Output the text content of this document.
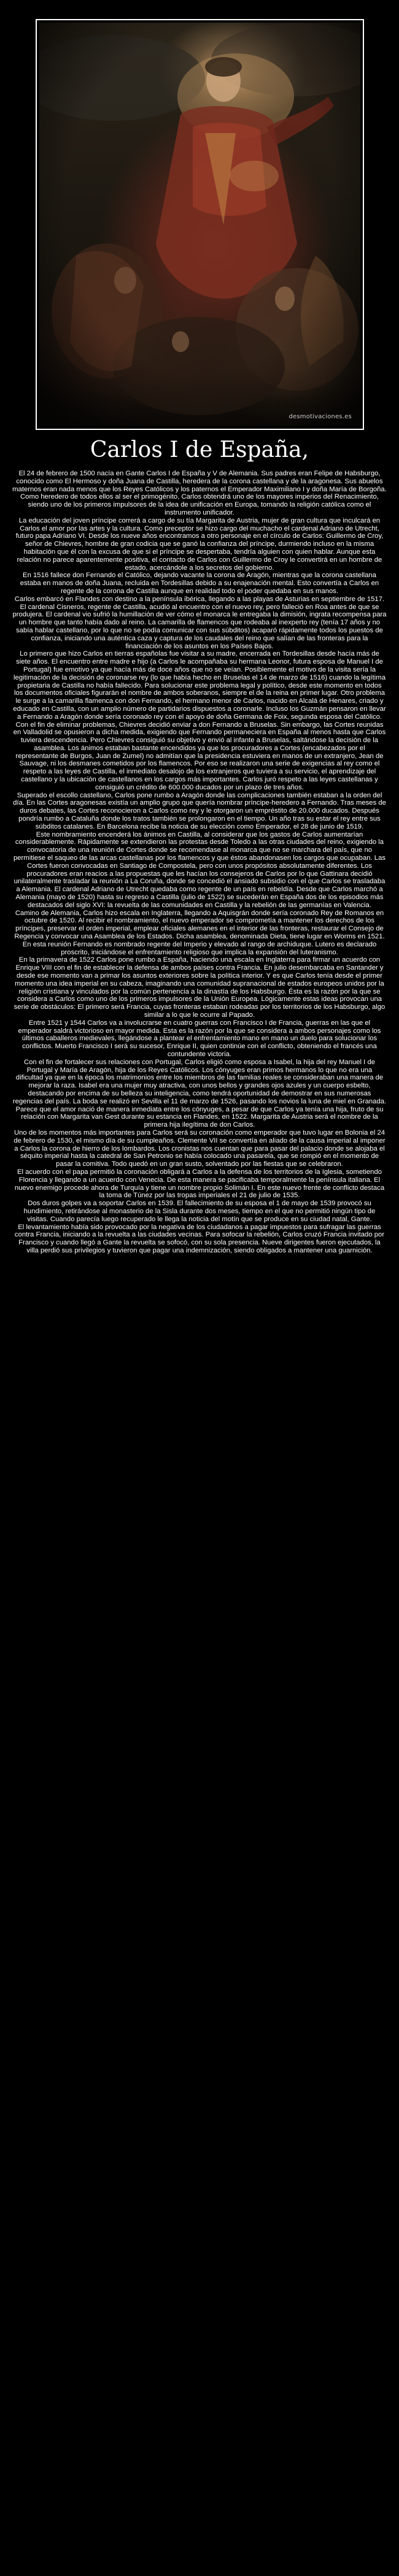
desmotivaciones.es
Carlos I de España,

El 24 de febrero de 1500 nacía en Gante Carlos I de España y V de Alemania. Sus padres eran Felipe de Habsburgo, conocido como El Hermoso y doña Juana de Castilla, heredera de la corona castellana y de la aragonesa. Sus abuelos maternos eran nada menos que los Reyes Católicos y los paternos el Emperador Maximiliano I y doña María de Borgoña. Como heredero de todos ellos al ser el primogénito, Carlos obtendrá uno de los mayores imperios del Renacimiento, siendo uno de los primeros impulsores de la idea de unificación en Europa, tomando la religión católica como el instrumento unificador.

La educación del joven príncipe correrá a cargo de su tía Margarita de Austria, mujer de gran cultura que inculcará en Carlos el amor por las artes y la cultura. Como preceptor se hizo cargo del muchacho el cardenal Adriano de Utrecht, futuro papa Adriano VI. Desde los nueve años encontramos a otro personaje en el círculo de Carlos: Guillermo de Croy, señor de Chievres, hombre de gran codicia que se ganó la confianza del príncipe, durmiendo incluso en la misma habitación que él con la excusa de que si el príncipe se despertaba, tendría alguien con quien hablar. Aunque esta relación no parece aparentemente positiva, el contacto de Carlos con Guillermo de Croy le convertirá en un hombre de estado, acercándole a los secretos del gobierno.

En 1516 fallece don Fernando el Católico, dejando vacante la corona de Aragón, mientras que la corona castellana estaba en manos de doña Juana, recluida en Tordesillas debido a su enajenación mental. Esto convertía a Carlos en regente de la corona de Castilla aunque en realidad todo el poder quedaba en sus manos.

Carlos embarcó en Flandes con destino a la península ibérica, llegando a las playas de Asturias en septiembre de 1517. El cardenal Cisneros, regente de Castilla, acudió al encuentro con el nuevo rey, pero falleció en Roa antes de que se produjera. El cardenal vio sufrió la humillación de ver cómo el monarca le entregaba la dimisión, ingrata recompensa para un hombre que tanto había dado al reino. La camarilla de flamencos que rodeaba al inexperto rey (tenía 17 años y no sabía hablar castellano, por lo que no se podía comunicar con sus súbditos) acaparó rápidamente todos los puestos de confianza, iniciando una auténtica caza y captura de los caudales del reino que salían de las fronteras para la financiación de los asuntos en los Países Bajos.

Lo primero que hizo Carlos en tierras españolas fue visitar a su madre, encerrada en Tordesillas desde hacía más de siete años. El encuentro entre madre e hijo (a Carlos le acompañaba su hermana Leonor, futura esposa de Manuel I de Portugal) fue emotivo ya que hacía más de doce años que no se veían. Posiblemente el motivo de la visita sería la legitimación de la decisión de coronarse rey (lo que había hecho en Bruselas el 14 de marzo de 1516) cuando la legítima propietaria de Castilla no había fallecido. Para solucionar este problema legal y político, desde este momento en todos los documentos oficiales figurarán el nombre de ambos soberanos, siempre el de la reina en primer lugar. Otro problema le surge a la camarilla flamenca con don Fernando, el hermano menor de Carlos, nacido en Alcalá de Henares, criado y educado en Castilla, con un amplio número de partidarios dispuestos a coronarle. Incluso los Guzmán pensaron en llevar a Fernando a Aragón donde sería coronado rey con el apoyo de doña Germana de Foix, segunda esposa del Católico. Con el fin de eliminar problemas, Chievres decidió enviar a don Fernando a Bruselas. Sin embargo, las Cortes reunidas en Valladolid se opusieron a dicha medida, exigiendo que Fernando permaneciera en España al menos hasta que Carlos tuviera descendencia. Pero Chievres consiguió su objetivo y envió al infante a Bruselas, saltándose la decisión de la asamblea. Los ánimos estaban bastante encendidos ya que los procuradores a Cortes (encabezados por el representante de Burgos, Juan de Zumel) no admitían que la presidencia estuviera en manos de un extranjero, Jean de Sauvage, ni los desmanes cometidos por los flamencos. Por eso se realizaron una serie de exigencias al rey como el respeto a las leyes de Castilla, el inmediato desalojo de los extranjeros que tuviera a su servicio, el aprendizaje del castellano y la ubicación de castellanos en los cargos más importantes. Carlos juró respeto a las leyes castellanas y consiguió un crédito de 600.000 ducados por un plazo de tres años.

Superado el escollo castellano, Carlos pone rumbo a Aragón donde las complicaciones también estaban a la orden del día. En las Cortes aragonesas existía un amplio grupo que quería nombrar príncipe-heredero a Fernando. Tras meses de duros debates, las Cortes reconocieron a Carlos como rey y le otorgaron un empréstito de 20.000 ducados. Después pondría rumbo a Cataluña donde los tratos también se prolongaron en el tiempo. Un año tras su estar el rey entre sus súbditos catalanes. En Barcelona recibe la noticia de su elección como Emperador, el 28 de junio de 1519.

Este nombramiento encenderá los ánimos en Castilla, al considerar que los gastos de Carlos aumentarían considerablemente. Rápidamente se extendieron las protestas desde Toledo a las otras ciudades del reino, exigiendo la convocatoria de una reunión de Cortes donde se recomendase al monarca que no se marchara del país, que no permitiese el saqueo de las arcas castellanas por los flamencos y que éstos abandonasen los cargos que ocupaban. Las Cortes fueron convocadas en Santiago de Compostela, pero con unos propósitos absolutamente diferentes. Los procuradores eran reacios a las propuestas que les hacían los consejeros de Carlos por lo que Gattinara decidió unilateralmente trasladar la reunión a La Coruña, donde se concedió el ansiado subsidio con el que Carlos se trasladaba a Alemania. El cardenal Adriano de Utrecht quedaba como regente de un país en rebeldía. Desde que Carlos marchó a Alemania (mayo de 1520) hasta su regreso a Castilla (julio de 1522) se sucederán en España dos de los episodios más destacados del siglo XVI: la revuelta de las comunidades en Castilla y la rebelión de las germanías en Valencia.

Camino de Alemania, Carlos hizo escala en Inglaterra, llegando a Aquisgrán donde sería coronado Rey de Romanos en octubre de 1520. Al recibir el nombramiento, el nuevo emperador se comprometía a mantener los derechos de los príncipes, preservar el orden imperial, emplear oficiales alemanes en el interior de las fronteras, restaurar el Consejo de Regencia y convocar una Asamblea de los Estados. Dicha asamblea, denominada Dieta, tiene lugar en Worms en 1521. En esta reunión Fernando es nombrado regente del Imperio y elevado al rango de archiduque. Lutero es declarado proscrito, iniciándose el enfrentamiento religioso que implica la expansión del luteranismo.

En la primavera de 1522 Carlos pone rumbo a España, haciendo una escala en Inglaterra para firmar un acuerdo con Enrique VIII con el fin de establecer la defensa de ambos países contra Francia. En julio desembarcaba en Santander y desde ese momento van a primar los asuntos exteriores sobre la política interior. Y es que Carlos tenía desde el primer momento una idea imperial en su cabeza, imaginando una comunidad supranacional de estados europeos unidos por la religión cristiana y vinculados por la común pertenencia a la dinastía de los Habsburgo. Ésta es la razón por la que se considera a Carlos como uno de los primeros impulsores de la Unión Europea. Lógicamente estas ideas provocan una serie de obstáculos: El primero será Francia, cuyas fronteras estaban rodeadas por los territorios de los Habsburgo, algo similar a lo que le ocurre al Papado.

Entre 1521 y 1544 Carlos va a involucrarse en cuatro guerras con Francisco I de Francia, guerras en las que el emperador saldrá victorioso en mayor medida. Esta es la razón por la que se considera a ambos personajes como los últimos caballeros medievales, llegándose a plantear el enfrentamiento mano en mano un duelo para solucionar los conflictos. Muerto Francisco I será su sucesor, Enrique II, quien continúe con el conflicto, obteniendo el francés una contundente victoria.

Con el fin de fortalecer sus relaciones con Portugal, Carlos eligió como esposa a Isabel, la hija del rey Manuel I de Portugal y María de Aragón, hija de los Reyes Católicos. Los cónyuges eran primos hermanos lo que no era una dificultad ya que en la época los matrimonios entre los miembros de las familias reales se consideraban una manera de mejorar la raza. Isabel era una mujer muy atractiva, con unos bellos y grandes ojos azules y un cuerpo esbelto, destacando por encima de su belleza su inteligencia, como tendrá oportunidad de demostrar en sus numerosas regencias del país. La boda se realizó en Sevilla el 11 de marzo de 1526, pasando los novios la luna de miel en Granada. Parece que el amor nació de manera inmediata entre los cónyuges, a pesar de que Carlos ya tenía una hija, fruto de su relación con Margarita van Gest durante su estancia en Flandes, en 1522. Margarita de Austria será el nombre de la primera hija ilegítima de don Carlos.

Uno de los momentos más importantes para Carlos será su coronación como emperador que tuvo lugar en Bolonia el 24 de febrero de 1530, el mismo día de su cumpleaños. Clemente VII se convertía en aliado de la causa imperial al imponer a Carlos la corona de hierro de los lombardos. Los cronistas nos cuentan que para pasar del palacio donde se alojaba el séquito imperial hasta la catedral de San Petronio se había colocado una pasarela, que se rompió en el momento de pasar la comitiva. Todo quedó en un gran susto, solventado por las fiestas que se celebraron.

El acuerdo con el papa permitió la coronación obligará a Carlos a la defensa de los territorios de la Iglesia, sometiendo Florencia y llegando a un acuerdo con Venecia. De esta manera se pacificaba temporalmente la península italiana. El nuevo enemigo procede ahora de Turquía y tiene un nombre propio Solimán I. En este nuevo frente de conflicto destaca la toma de Túnez por las tropas imperiales el 21 de julio de 1535.

Dos duros golpes va a soportar Carlos en 1539. El fallecimiento de su esposa el 1 de mayo de 1539 provocó su hundimiento, retirándose al monasterio de la Sisla durante dos meses, tiempo en el que no permitió ningún tipo de visitas. Cuando parecía luego recuperado le llega la noticia del motín que se produce en su ciudad natal, Gante.

El levantamiento había sido provocado por la negativa de los ciudadanos a pagar impuestos para sufragar las guerras contra Francia, iniciando a la revuelta a las ciudades vecinas. Para sofocar la rebelión, Carlos cruzó Francia invitado por Francisco y cuando llegó a Gante la revuelta se sofocó, con su sola presencia. Nueve dirigentes fueron ejecutados, la villa perdió sus privilegios y tuvieron que pagar una indemnización, siendo obligados a mantener una guarnición.
